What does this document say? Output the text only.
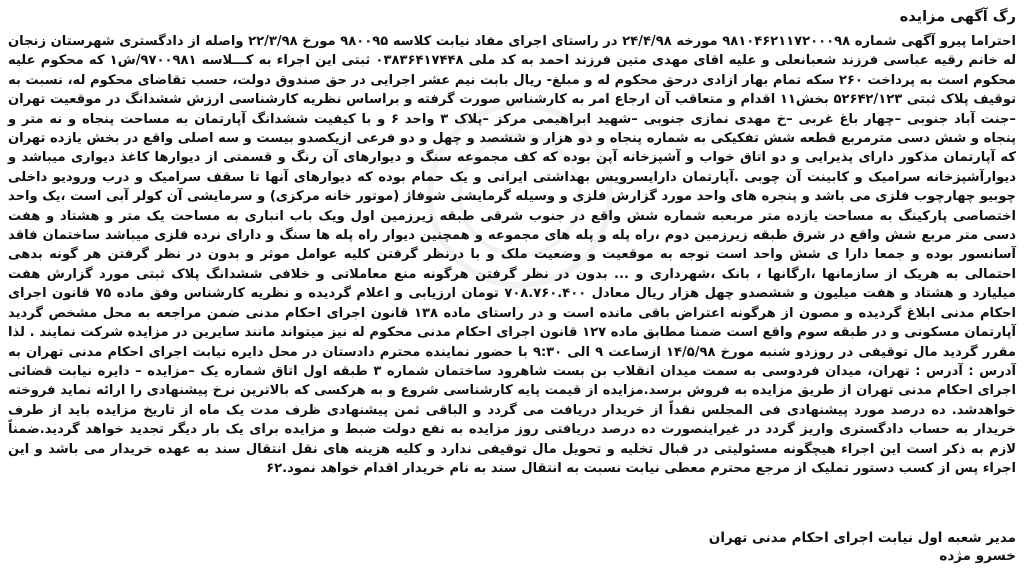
رگ آگهی مزایده
احتراما پیرو آگهی شماره ۹۸۱۰۴۶۲۱۱۷۲۰۰۰۹۸ مورخه ۲۴/۴/۹۸ در راستای اجرای مفاد نیابت کلاسه ۹۸۰۰۹۵ مورخ ۲۲/۳/۹۸ واصله از دادگستری شهرستان زنجان له خانم رقیه عباسی فرزند شعبانعلی و علیه اقای مهدی متین فرزند احمد به کد ملی ۰۳۸۳۶۴۱۷۴۴۸ ثبتی این اجراء به کـــلاسه ۹۷۰۰۹۸۱/ش۱ که محکوم علیه محکوم است به پرداخت ۲۶۰ سکه تمام بهار ازادی درحق محکوم له و مبلغ- ریال بابت نیم عشر اجرایی در حق صندوق دولت، حسب تقاضای محکوم له، نسبت به توقیف پلاک ثبتی ۵۲۶۴۲/۱۲۳ بخش۱۱ اقدام و متعاقب آن ارجاع امر به کارشناس صورت گرفته و براساس نظریه کارشناسی ارزش ششدانگ در موقعیت تهران –جنت آباد جنوبی –چهار باغ غربی –خ مهدی نمازی جنوبی –شهید ابراهیمی مرکز –پلاک ۳ واحد ۶ و با کیفیت ششدانگ آپارتمان به مساحت پنجاه و نه متر و پنجاه و شش دسی مترمربع قطعه شش تفکیکی به شماره پنجاه و دو هزار و ششصد و چهل و دو فرعی ازیکصدو بیست و سه اصلی واقع در بخش یازده تهران که آپارتمان مذکور دارای پذیرایی و دو اتاق خواب و آشپزخانه آپن بوده که کف مجموعه سنگ و دیوارهای آن رنگ و قسمتی از دیوارها کاغذ دیواری میباشد و دیوارآشپزخانه سرامیک و کابینت آن چوبی .آپارتمان دارایسرویس بهداشتی ایرانی و یک حمام بوده که دیوارهای آنها تا سقف سرامیک و درب ورودیو داخلی چوبیو چهارچوب فلزی می باشد و پنجره های واحد مورد گزارش فلزی و وسیله گرمایشی شوفاژ (موتور خانه مرکزی) و سرمایشی آن کولر آبی است ،یک واحد اختصاصی پارکینگ به مساحت یازده متر مربعبه شماره شش واقع در جنوب شرقی طبقه زیرزمین اول ویک باب انباری به مساحت یک متر و هشتاد و هفت دسی متر مربع شش واقع در شرق طبقه زیرزمین دوم ،راه پله و پله های مجموعه و همچنین دیوار راه پله ها سنگ و دارای نرده فلزی میباشد ساختمان فاقد آسانسور بوده و جمعا دارا ی شش واحد است توجه به موقعیت و وضعیت ملک و با درنظر گرفتن کلیه عوامل موثر و بدون در نظر گرفتن هر گونه بدهی احتمالی به هریک از سازمانها ،ارگانها ، بانک ،شهرداری و ... بدون در نظر گرفتن هرگونه منع معاملاتی و خلافی ششدانگ پلاک ثبتی مورد گزارش هفت میلیارد و هشتاد و هفت میلیون و ششصدو چهل هزار ریال معادل ۷۰۸.۷۶۰.۴۰۰ تومان ارزیابی و اعلام گردیده و نظریه کارشناس وفق ماده ۷۵ قانون اجرای احکام مدنی ابلاغ گردیده و مصون از هرگونه اعتراض باقی مانده است و در راستای ماده ۱۳۸ قانون اجرای احکام مدنی ضمن مراجعه به محل مشخص گردید آپارتمان مسکونی و در طبقه سوم واقع است ضمنا مطابق ماده ۱۲۷ قانون اجرای احکام مدنی محکوم له نیز میتواند مانند سایرین در مزایده شرکت نمایند . لذا مقرر گردید مال توقیفی در روزدو شنبه مورخ ۱۴/۵/۹۸ ازساعت ۹ الی ۹:۳۰ با حضور نماینده محترم دادستان در محل دایره نیابت اجرای احکام مدنی تهران به آدرس : آدرس : تهران، میدان فردوسی به سمت میدان انقلاب بن بست شاهرود ساختمان شماره ۳ طبقه اول اتاق شماره یک –مزایده – دایره نیابت قضائی اجرای احکام مدنی تهران از طریق مزایده به فروش برسد.مزایده از قیمت پایه کارشناسی شروع و به هرکسی که بالاترین نرخ پیشنهادی را ارائه نماید فروخته خواهدشد. ده درصد مورد پیشنهادی فی المجلس نقداً از خریدار دریافت می گردد و الباقی ثمن پیشنهادی ظرف مدت یک ماه از تاریخ مزایده باید از طرف خریدار به حساب دادگستری واریز گردد در غیراینصورت ده درصد دریافتی روز مزایده به نفع دولت ضبط و مزایده برای یک بار دیگر تجدید خواهد گردید.ضمناً لازم به ذکر است این اجراء هیچگونه مسئولیتی در قبال تخلیه و تحویل مال توقیفی ندارد و کلیه هزینه های نقل انتقال سند به عهده خریدار می باشد و این اجراء پس از کسب دستور تملیک از مرجع محترم معطی نیابت نسبت به انتقال سند به نام خریدار اقدام خواهد نمود.۶۲
مدیر شعبه اول نیابت اجرای احکام مدنی تهران
خسرو مژده
